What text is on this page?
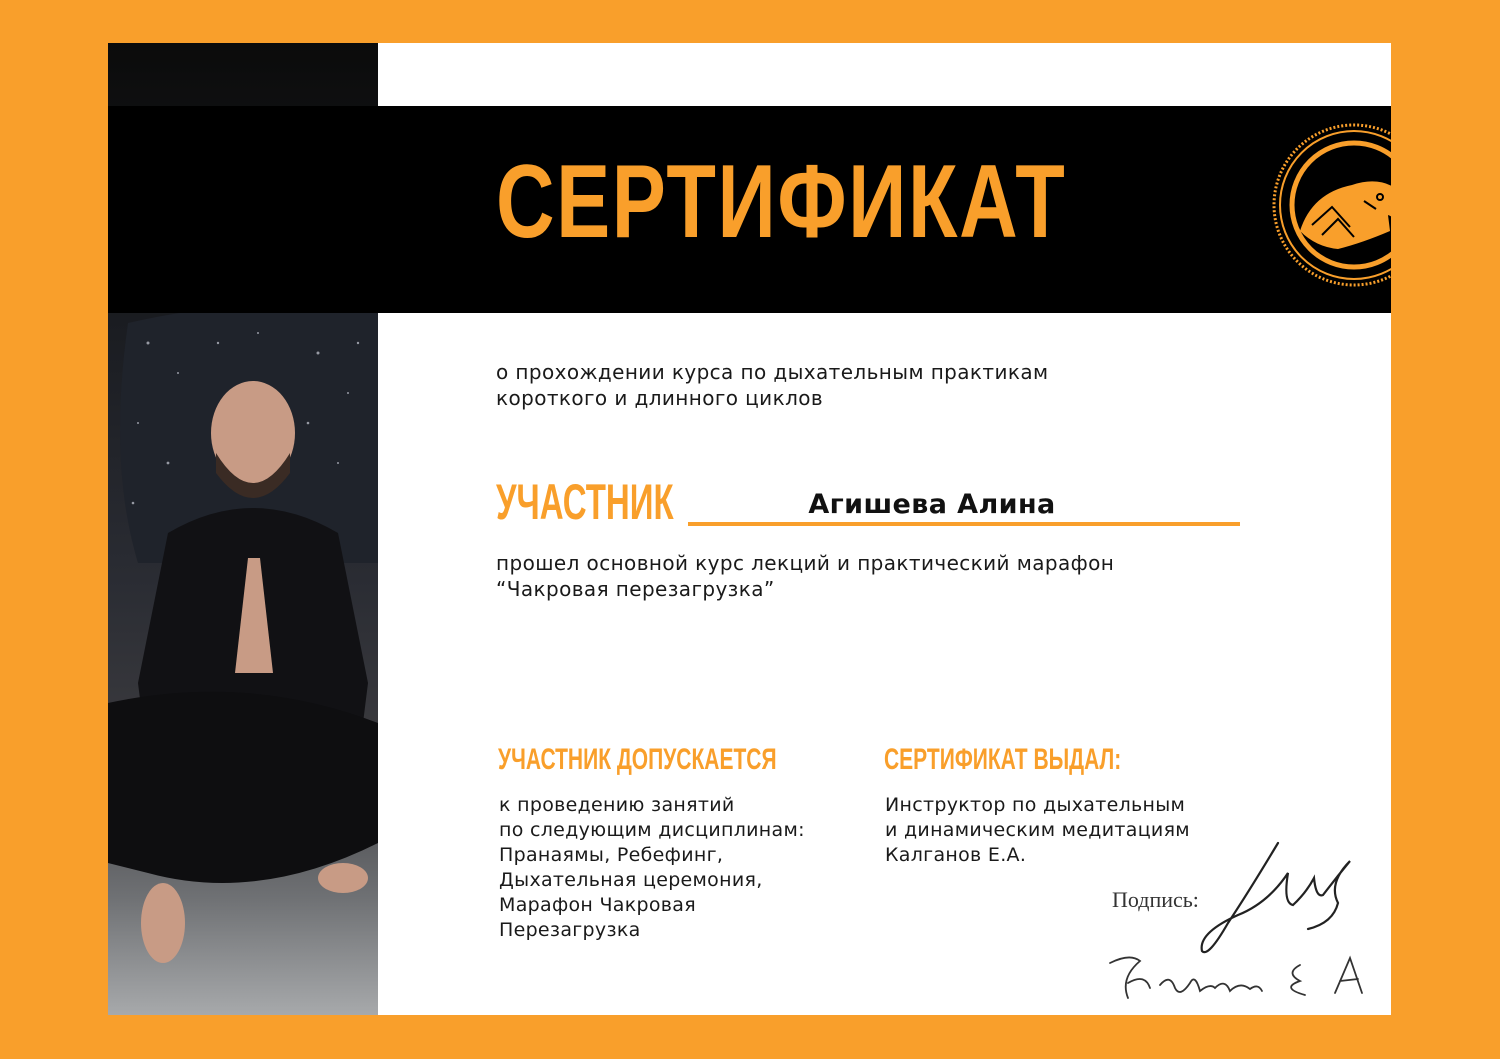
СЕРТИФИКАТ
о прохождении курса по дыхательным практикам
короткого и длинного циклов
УЧАСТНИК	Агишева Алина
прошел основной курс лекций и практический марафон
“Чакровая перезагрузка”
УЧАСТНИК ДОПУСКАЕТСЯ
к проведению занятий
по следующим дисциплинам:
Пранаямы, Ребефинг,
Дыхательная церемония,
Марафон Чакровая
Перезагрузка
СЕРТИФИКАТ ВЫДАЛ:
Инструктор по дыхательным
и динамическим медитациям
Калганов Е.А.
Подпись:
